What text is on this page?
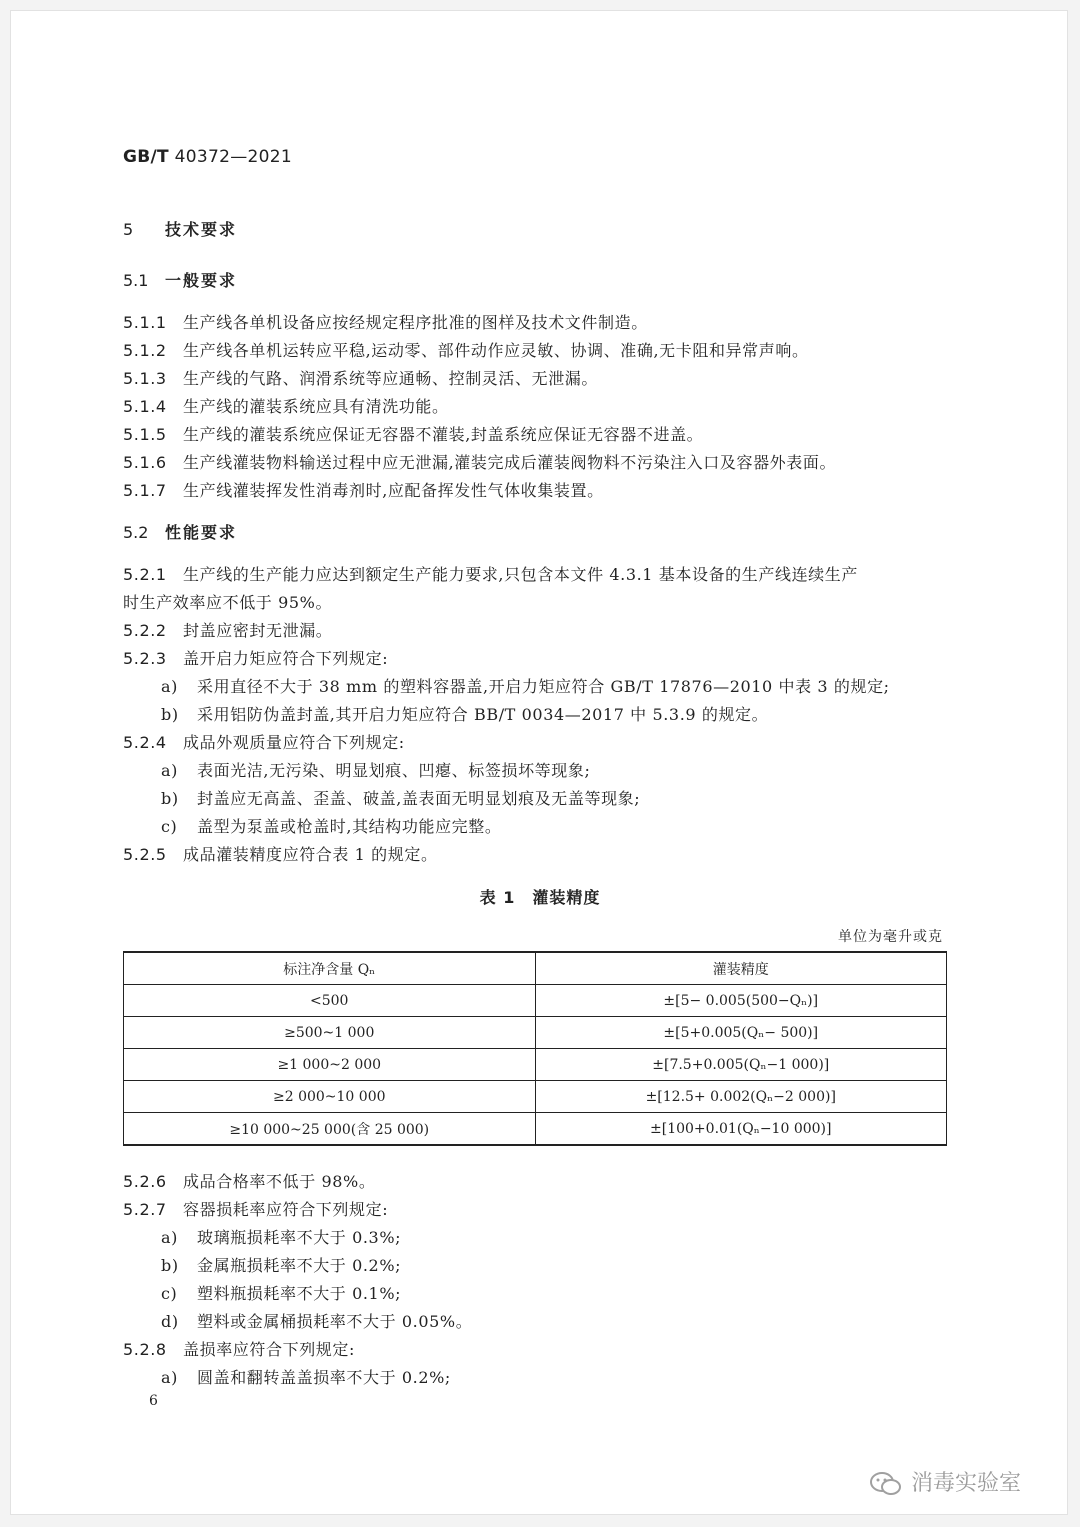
GB/T 40372—2021
5 技术要求
5.1 一般要求
5.1.1 生产线各单机设备应按经规定程序批准的图样及技术文件制造。
5.1.2 生产线各单机运转应平稳,运动零、部件动作应灵敏、协调、准确,无卡阻和异常声响。
5.1.3 生产线的气路、润滑系统等应通畅、控制灵活、无泄漏。
5.1.4 生产线的灌装系统应具有清洗功能。
5.1.5 生产线的灌装系统应保证无容器不灌装,封盖系统应保证无容器不进盖。
5.1.6 生产线灌装物料输送过程中应无泄漏,灌装完成后灌装阀物料不污染注入口及容器外表面。
5.1.7 生产线灌装挥发性消毒剂时,应配备挥发性气体收集装置。
5.2 性能要求
5.2.1 生产线的生产能力应达到额定生产能力要求,只包含本文件 4.3.1 基本设备的生产线连续生产
时生产效率应不低于 95%。
5.2.2 封盖应密封无泄漏。
5.2.3 盖开启力矩应符合下列规定:
a) 采用直径不大于 38 mm 的塑料容器盖,开启力矩应符合 GB/T 17876—2010 中表 3 的规定;
b) 采用铝防伪盖封盖,其开启力矩应符合 BB/T 0034—2017 中 5.3.9 的规定。
5.2.4 成品外观质量应符合下列规定:
a) 表面光洁,无污染、明显划痕、凹瘪、标签损坏等现象;
b) 封盖应无高盖、歪盖、破盖,盖表面无明显划痕及无盖等现象;
c) 盖型为泵盖或枪盖时,其结构功能应完整。
5.2.5 成品灌装精度应符合表 1 的规定。
表 1　灌装精度
单位为毫升或克
标注净含量 Qₙ	灌装精度
<500	±[5− 0.005(500−Qₙ)]
≥500~1 000	±[5+0.005(Qₙ− 500)]
≥1 000~2 000	±[7.5+0.005(Qₙ−1 000)]
≥2 000~10 000	±[12.5+ 0.002(Qₙ−2 000)]
≥10 000~25 000(含 25 000)	±[100+0.01(Qₙ−10 000)]
5.2.6 成品合格率不低于 98%。
5.2.7 容器损耗率应符合下列规定:
a) 玻璃瓶损耗率不大于 0.3%;
b) 金属瓶损耗率不大于 0.2%;
c) 塑料瓶损耗率不大于 0.1%;
d) 塑料或金属桶损耗率不大于 0.05%。
5.2.8 盖损率应符合下列规定:
a) 圆盖和翻转盖盖损率不大于 0.2%;
6
消毒实验室
